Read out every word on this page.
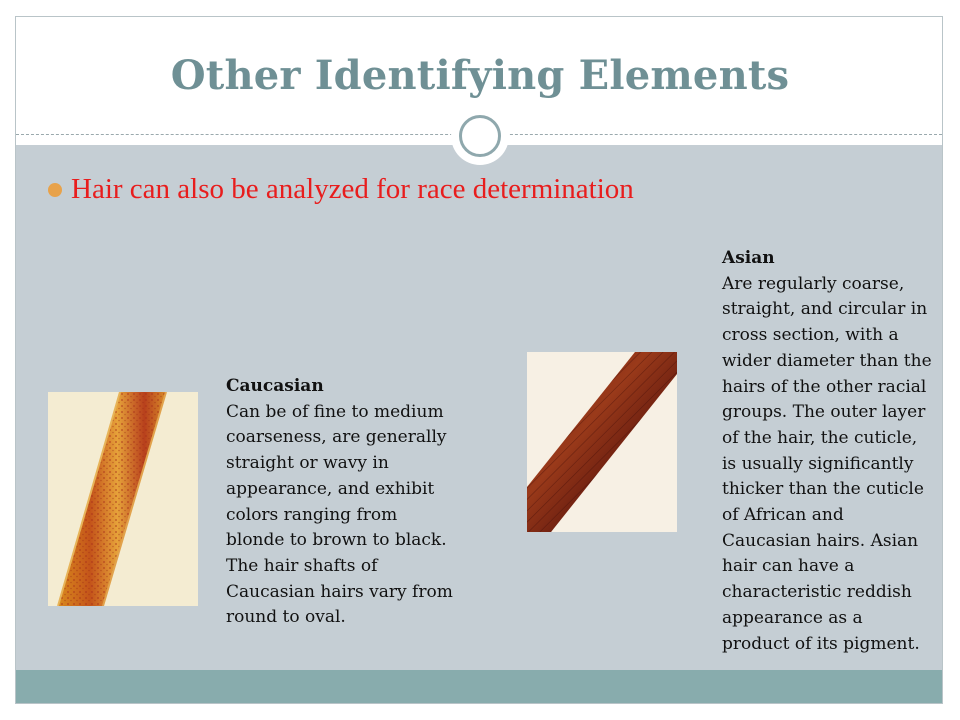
Other Identifying Elements
Hair can also be analyzed for race determination

Caucasian
Can be of fine to medium coarseness, are generally straight or wavy in appearance, and exhibit colors ranging from blonde to brown to black. The hair shafts of Caucasian hairs vary from round to oval.

Asian
Are regularly coarse, straight, and circular in cross section, with a wider diameter than the hairs of the other racial groups. The outer layer of the hair, the cuticle, is usually significantly thicker than the cuticle of African and Caucasian hairs. Asian hair can have a characteristic reddish appearance as a product of its pigment.
